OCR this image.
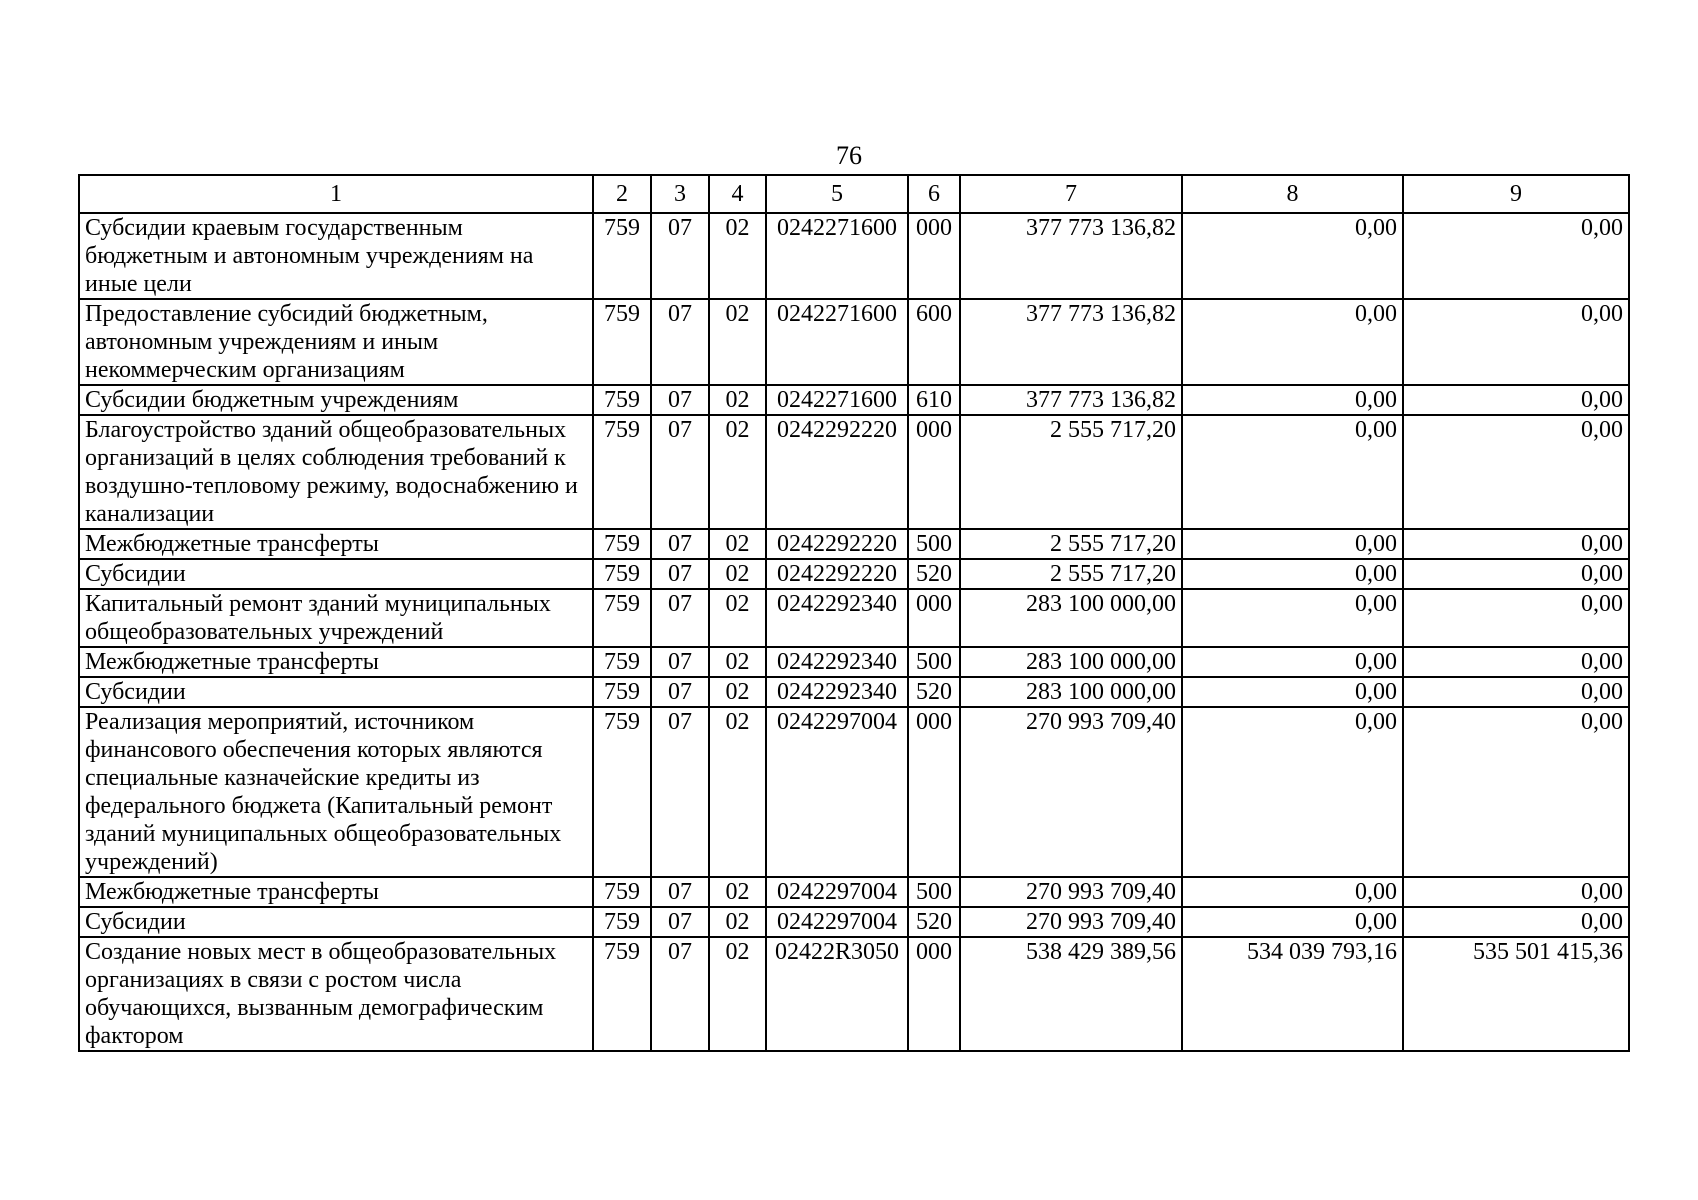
76
1	2	3	4	5	6	7	8	9
Субсидии краевым государственным бюджетным и автономным учреждениям на иные цели	759	07	02	0242271600	000	377 773 136,82	0,00	0,00
Предоставление субсидий бюджетным, автономным учреждениям и иным некоммерческим организациям	759	07	02	0242271600	600	377 773 136,82	0,00	0,00
Субсидии бюджетным учреждениям	759	07	02	0242271600	610	377 773 136,82	0,00	0,00
Благоустройство зданий общеобразовательных организаций в целях соблюдения требований к воздушно-тепловому режиму, водоснабжению и канализации	759	07	02	0242292220	000	2 555 717,20	0,00	0,00
Межбюджетные трансферты	759	07	02	0242292220	500	2 555 717,20	0,00	0,00
Субсидии	759	07	02	0242292220	520	2 555 717,20	0,00	0,00
Капитальный ремонт зданий муниципальных общеобразовательных учреждений	759	07	02	0242292340	000	283 100 000,00	0,00	0,00
Межбюджетные трансферты	759	07	02	0242292340	500	283 100 000,00	0,00	0,00
Субсидии	759	07	02	0242292340	520	283 100 000,00	0,00	0,00
Реализация мероприятий, источником финансового обеспечения которых являются специальные казначейские кредиты из федерального бюджета (Капитальный ремонт зданий муниципальных общеобразовательных учреждений)	759	07	02	0242297004	000	270 993 709,40	0,00	0,00
Межбюджетные трансферты	759	07	02	0242297004	500	270 993 709,40	0,00	0,00
Субсидии	759	07	02	0242297004	520	270 993 709,40	0,00	0,00
Создание новых мест в общеобразовательных организациях в связи с ростом числа обучающихся, вызванным демографическим фактором	759	07	02	02422R3050	000	538 429 389,56	534 039 793,16	535 501 415,36
